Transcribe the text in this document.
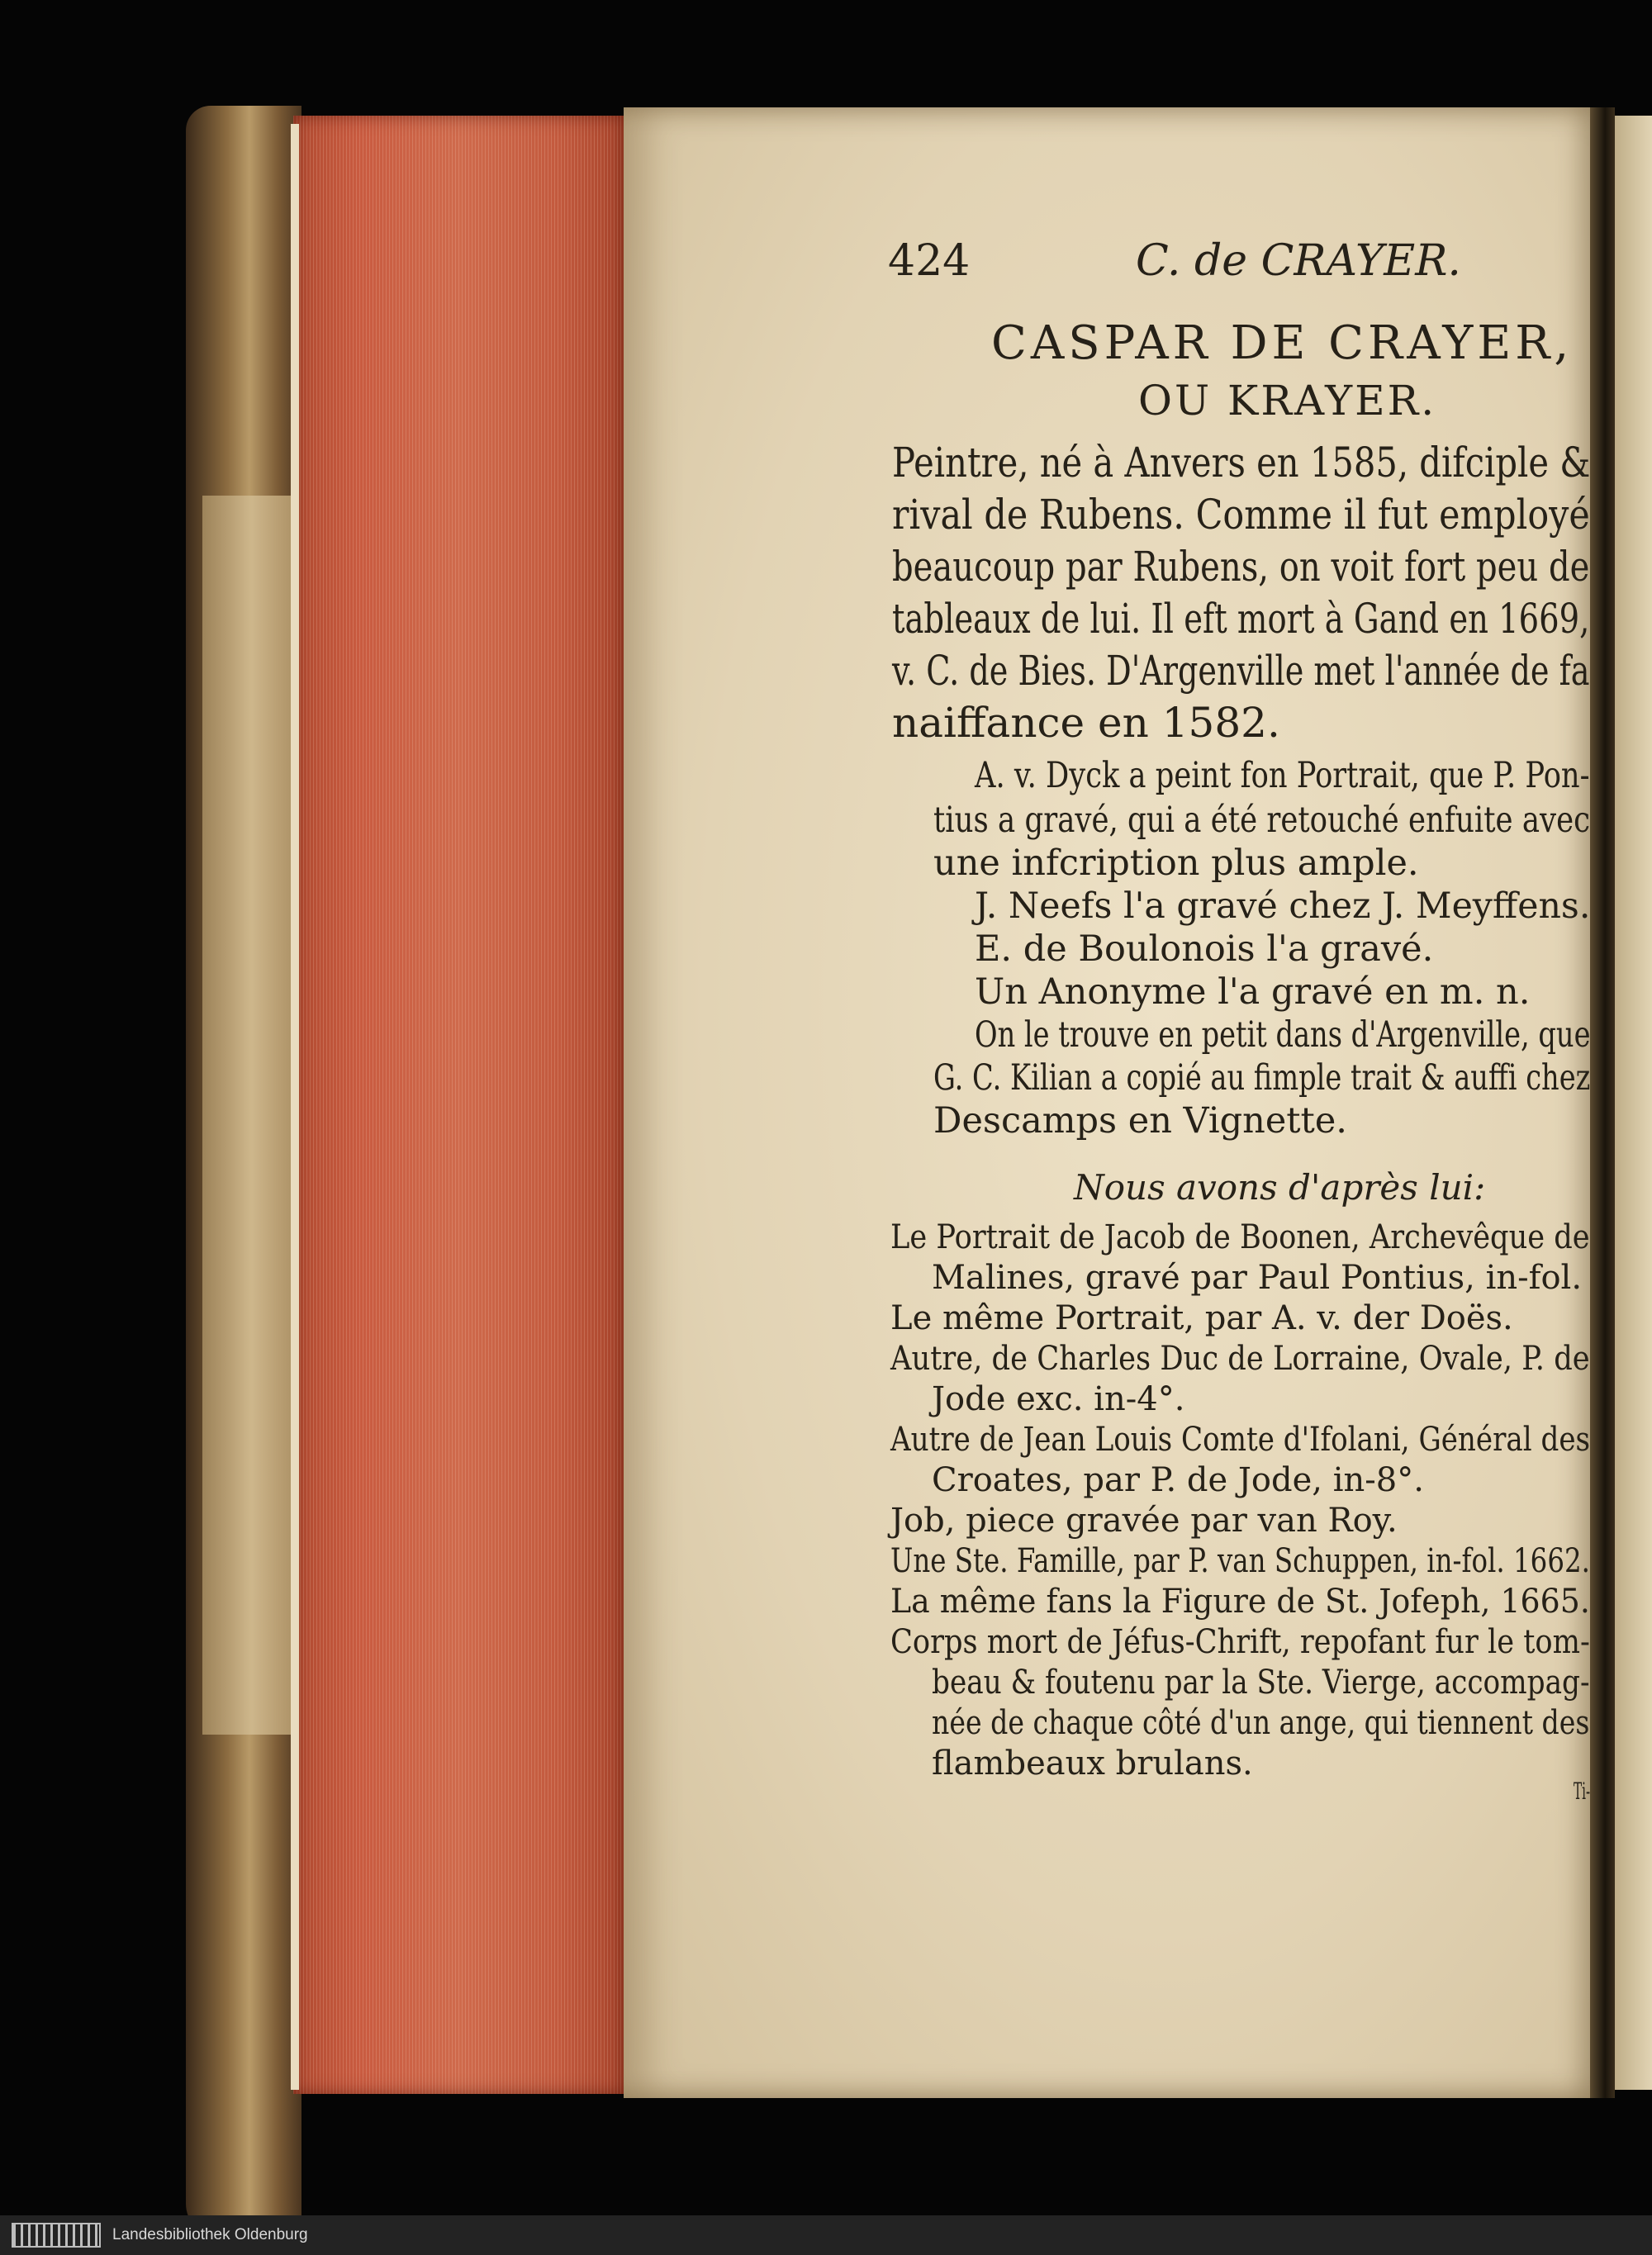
424	C. de CRAYER.
CASPAR DE CRAYER,
OU KRAYER.
Peintre, né à Anvers en 1585, difciple &
rival de Rubens. Comme il fut employé
beaucoup par Rubens, on voit fort peu de
tableaux de lui. Il eft mort à Gand en 1669,
v. C. de Bies. D'Argenville met l'année de fa
naiffance en 1582.
A. v. Dyck a peint fon Portrait, que P. Pon-
tius a gravé, qui a été retouché enfuite avec
une infcription plus ample.
J. Neefs l'a gravé chez J. Meyffens.
E. de Boulonois l'a gravé.
Un Anonyme l'a gravé en m. n.
On le trouve en petit dans d'Argenville, que
G. C. Kilian a copié au fimple trait & auffi chez
Descamps en Vignette.
Nous avons d'après lui:
Le Portrait de Jacob de Boonen, Archevêque de
Malines, gravé par Paul Pontius, in-fol.
Le même Portrait, par A. v. der Doës.
Autre, de Charles Duc de Lorraine, Ovale, P. de
Jode exc. in-4°.
Autre de Jean Louis Comte d'Ifolani, Général des
Croates, par P. de Jode, in-8°.
Job, piece gravée par van Roy.
Une Ste. Famille, par P. van Schuppen, in-fol. 1662.
La même fans la Figure de St. Jofeph, 1665.
Corps mort de Jéfus-Chrift, repofant fur le tom-
beau & foutenu par la Ste. Vierge, accompag-
née de chaque côté d'un ange, qui tiennent des
flambeaux brulans.
Ti-
Landesbibliothek Oldenburg
